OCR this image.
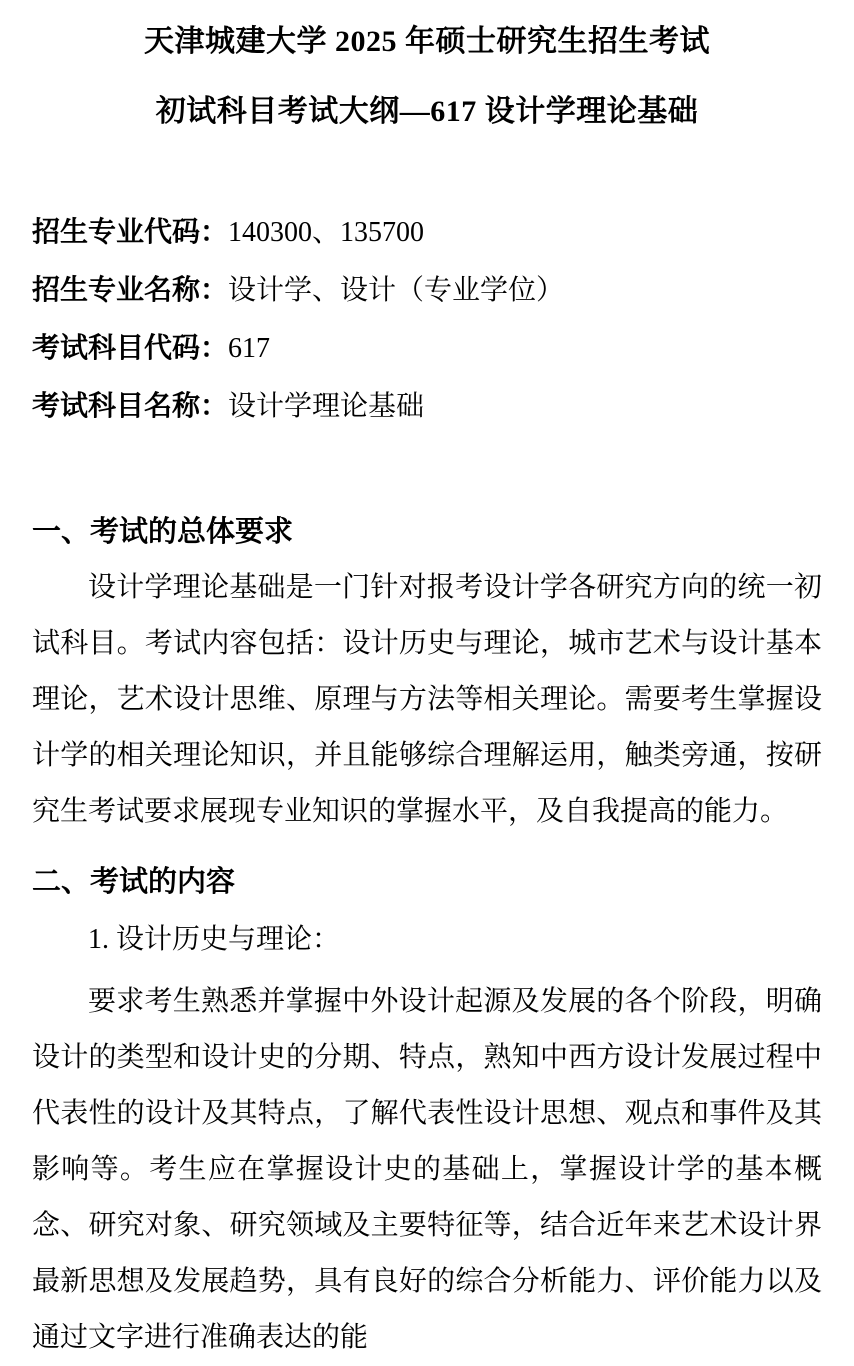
天津城建大学 2025 年硕士研究生招生考试
初试科目考试大纲—617 设计学理论基础

招生专业代码：140300、135700

招生专业名称：设计学、设计（专业学位）

考试科目代码：617

考试科目名称：设计学理论基础

一、考试的总体要求

设计学理论基础是一门针对报考设计学各研究方向的统一初试科目。考试内容包括：设计历史与理论，城市艺术与设计基本理论，艺术设计思维、原理与方法等相关理论。需要考生掌握设计学的相关理论知识，并且能够综合理解运用，触类旁通，按研究生考试要求展现专业知识的掌握水平，及自我提高的能力。

二、考试的内容

1. 设计历史与理论：

要求考生熟悉并掌握中外设计起源及发展的各个阶段，明确设计的类型和设计史的分期、特点，熟知中西方设计发展过程中代表性的设计及其特点，了解代表性设计思想、观点和事件及其影响等。考生应在掌握设计史的基础上，掌握设计学的基本概念、研究对象、研究领域及主要特征等，结合近年来艺术设计界最新思想及发展趋势，具有良好的综合分析能力、评价能力以及通过文字进行准确表达的能
